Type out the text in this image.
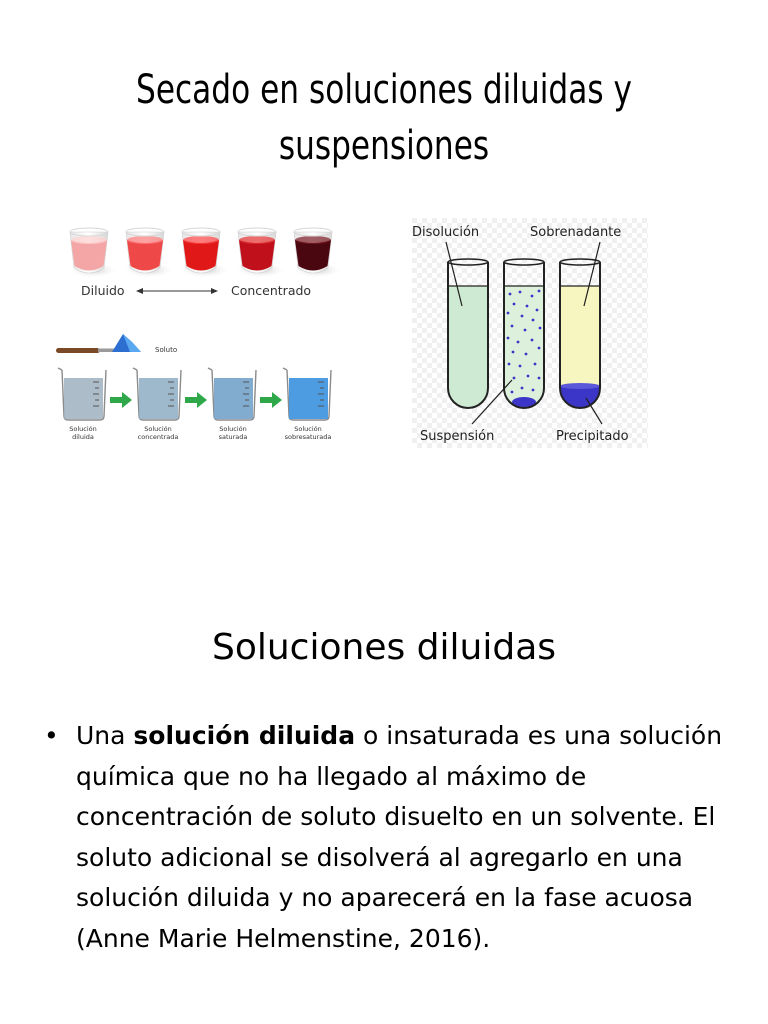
Secado en soluciones diluidas y suspensiones
Diluido	Concentrado
Soluto
Solución
diluida
Solución
concentrada
Solución
saturada
Solución
sobresaturada
Disolución	Sobrenadante
Suspensión	Precipitado
Soluciones diluidas
• Una solución diluida o insaturada es una solución química que no ha llegado al máximo de concentración de soluto disuelto en un solvente. El soluto adicional se disolverá al agregarlo en una solución diluida y no aparecerá en la fase acuosa (Anne Marie Helmenstine, 2016).
